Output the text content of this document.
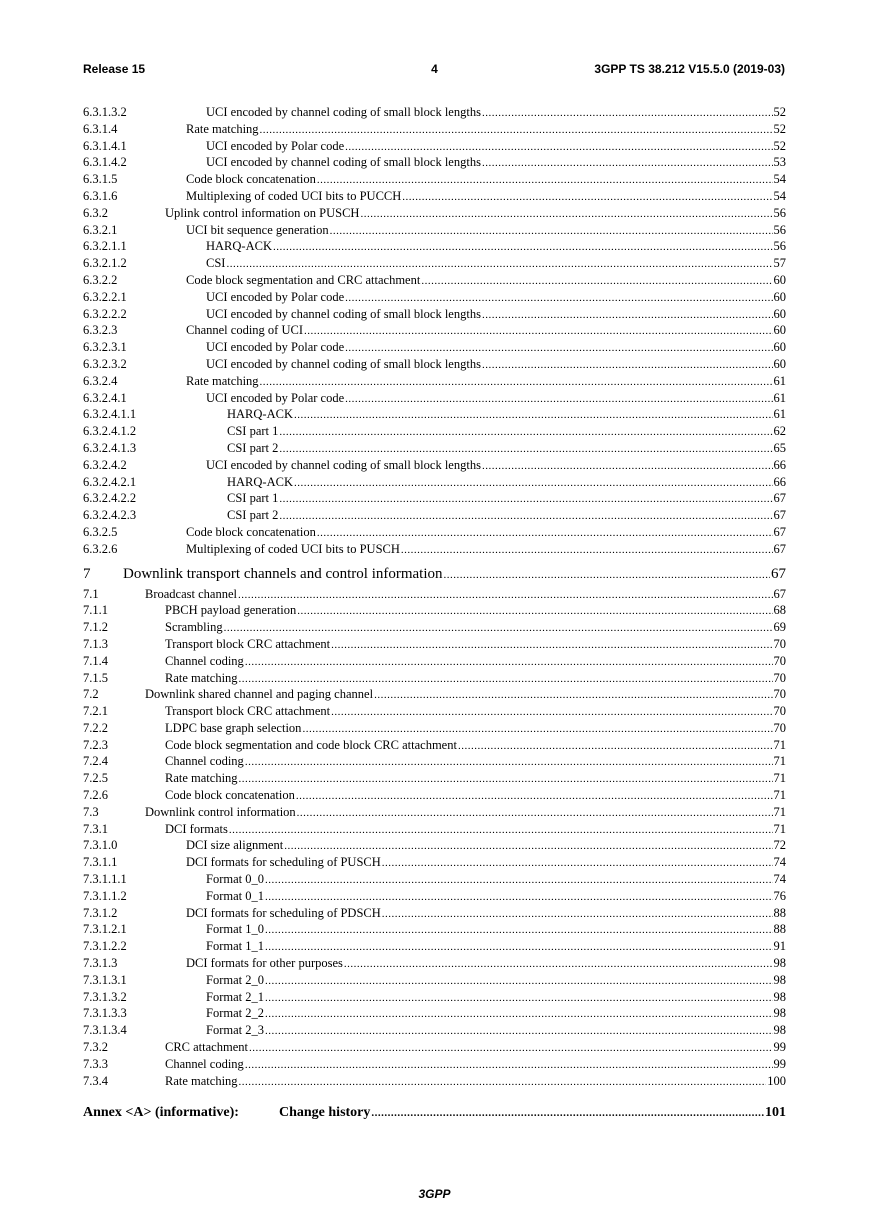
Release 15	4	3GPP TS 38.212 V15.5.0 (2019-03)
6.3.1.3.2	UCI encoded by channel coding of small block lengths .....	52
6.3.1.4	Rate matching .....	52
6.3.1.4.1	UCI encoded by Polar code .....	52
6.3.1.4.2	UCI encoded by channel coding of small block lengths .....	53
6.3.1.5	Code block concatenation .....	54
6.3.1.6	Multiplexing of coded UCI bits to PUCCH .....	54
6.3.2	Uplink control information on PUSCH .....	56
6.3.2.1	UCI bit sequence generation .....	56
6.3.2.1.1	HARQ-ACK .....	56
6.3.2.1.2	CSI .....	57
6.3.2.2	Code block segmentation and CRC attachment .....	60
6.3.2.2.1	UCI encoded by Polar code .....	60
6.3.2.2.2	UCI encoded by channel coding of small block lengths .....	60
6.3.2.3	Channel coding of UCI .....	60
6.3.2.3.1	UCI encoded by Polar code .....	60
6.3.2.3.2	UCI encoded by channel coding of small block lengths .....	60
6.3.2.4	Rate matching .....	61
6.3.2.4.1	UCI encoded by Polar code .....	61
6.3.2.4.1.1	HARQ-ACK .....	61
6.3.2.4.1.2	CSI part 1 .....	62
6.3.2.4.1.3	CSI part 2 .....	65
6.3.2.4.2	UCI encoded by channel coding of small block lengths .....	66
6.3.2.4.2.1	HARQ-ACK .....	66
6.3.2.4.2.2	CSI part 1 .....	67
6.3.2.4.2.3	CSI part 2 .....	67
6.3.2.5	Code block concatenation .....	67
6.3.2.6	Multiplexing of coded UCI bits to PUSCH .....	67
7 Downlink transport channels and control information .....	67
7.1	Broadcast channel .....	67
7.1.1	PBCH payload generation .....	68
7.1.2	Scrambling .....	69
7.1.3	Transport block CRC attachment .....	70
7.1.4	Channel coding .....	70
7.1.5	Rate matching .....	70
7.2	Downlink shared channel and paging channel .....	70
7.2.1	Transport block CRC attachment .....	70
7.2.2	LDPC base graph selection .....	70
7.2.3	Code block segmentation and code block CRC attachment .....	71
7.2.4	Channel coding .....	71
7.2.5	Rate matching .....	71
7.2.6	Code block concatenation .....	71
7.3	Downlink control information .....	71
7.3.1	DCI formats .....	71
7.3.1.0	DCI size alignment .....	72
7.3.1.1	DCI formats for scheduling of PUSCH .....	74
7.3.1.1.1	Format 0_0 .....	74
7.3.1.1.2	Format 0_1 .....	76
7.3.1.2	DCI formats for scheduling of PDSCH .....	88
7.3.1.2.1	Format 1_0 .....	88
7.3.1.2.2	Format 1_1 .....	91
7.3.1.3	DCI formats for other purposes .....	98
7.3.1.3.1	Format 2_0 .....	98
7.3.1.3.2	Format 2_1 .....	98
7.3.1.3.3	Format 2_2 .....	98
7.3.1.3.4	Format 2_3 .....	98
7.3.2	CRC attachment .....	99
7.3.3	Channel coding .....	99
7.3.4	Rate matching .....	100
Annex <A> (informative):	Change history .....	101
3GPP
